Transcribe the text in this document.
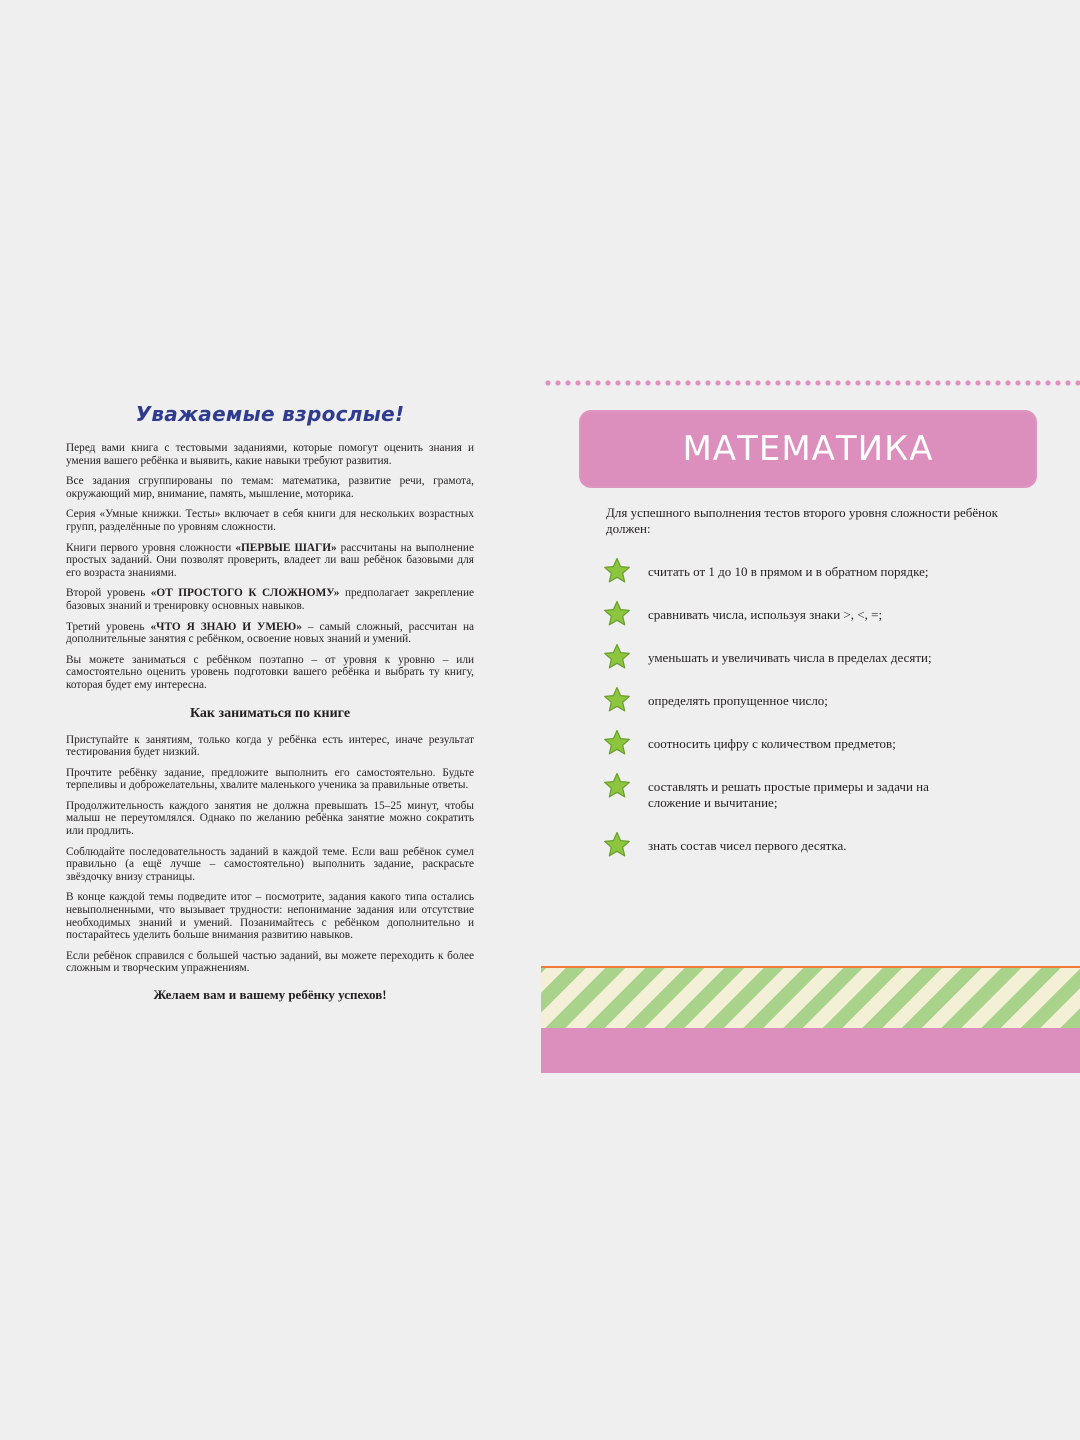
Уважаемые взрослые!

Перед вами книга с тестовыми заданиями, которые помогут оценить знания и умения вашего ребёнка и выявить, какие навыки требуют развития.

Все задания сгруппированы по темам: математика, развитие речи, грамота, окружающий мир, внимание, память, мышление, моторика.

Серия «Умные книжки. Тесты» включает в себя книги для нескольких возрастных групп, разделённые по уровням сложности.

Книги первого уровня сложности «ПЕРВЫЕ ШАГИ» рассчитаны на выполнение простых заданий. Они позволят проверить, владеет ли ваш ребёнок базовыми для его возраста знаниями.

Второй уровень «ОТ ПРОСТОГО К СЛОЖНОМУ» предполагает закрепление базовых знаний и тренировку основных навыков.

Третий уровень «ЧТО Я ЗНАЮ И УМЕЮ» – самый сложный, рассчитан на дополнительные занятия с ребёнком, освоение новых знаний и умений.

Вы можете заниматься с ребёнком поэтапно – от уровня к уровню – или самостоятельно оценить уровень подготовки вашего ребёнка и выбрать ту книгу, которая будет ему интересна.

Как заниматься по книге

Приступайте к занятиям, только когда у ребёнка есть интерес, иначе результат тестирования будет низкий.

Прочтите ребёнку задание, предложите выполнить его самостоятельно. Будьте терпеливы и доброжелательны, хвалите маленького ученика за правильные ответы.

Продолжительность каждого занятия не должна превышать 15–25 минут, чтобы малыш не переутомлялся. Однако по желанию ребёнка занятие можно сократить или продлить.

Соблюдайте последовательность заданий в каждой теме. Если ваш ребёнок сумел правильно (а ещё лучше – самостоятельно) выполнить задание, раскрасьте звёздочку внизу страницы.

В конце каждой темы подведите итог – посмотрите, задания какого типа остались невыполненными, что вызывает трудности: непонимание задания или отсутствие необходимых знаний и умений. Позанимайтесь с ребёнком дополнительно и постарайтесь уделить больше внимания развитию навыков.

Если ребёнок справился с большей частью заданий, вы можете переходить к более сложным и творческим упражнениям.

Желаем вам и вашему ребёнку успехов!
МАТЕМАТИКА
Для успешного выполнения тестов второго уровня сложности ребёнок должен:
считать от 1 до 10 в прямом и в обратном порядке;
сравнивать числа, используя знаки >, <, =;
уменьшать и увеличивать числа в пределах десяти;
определять пропущенное число;
соотносить цифру с количеством предметов;
составлять и решать простые примеры и задачи на сложение и вычитание;
знать состав чисел первого десятка.
